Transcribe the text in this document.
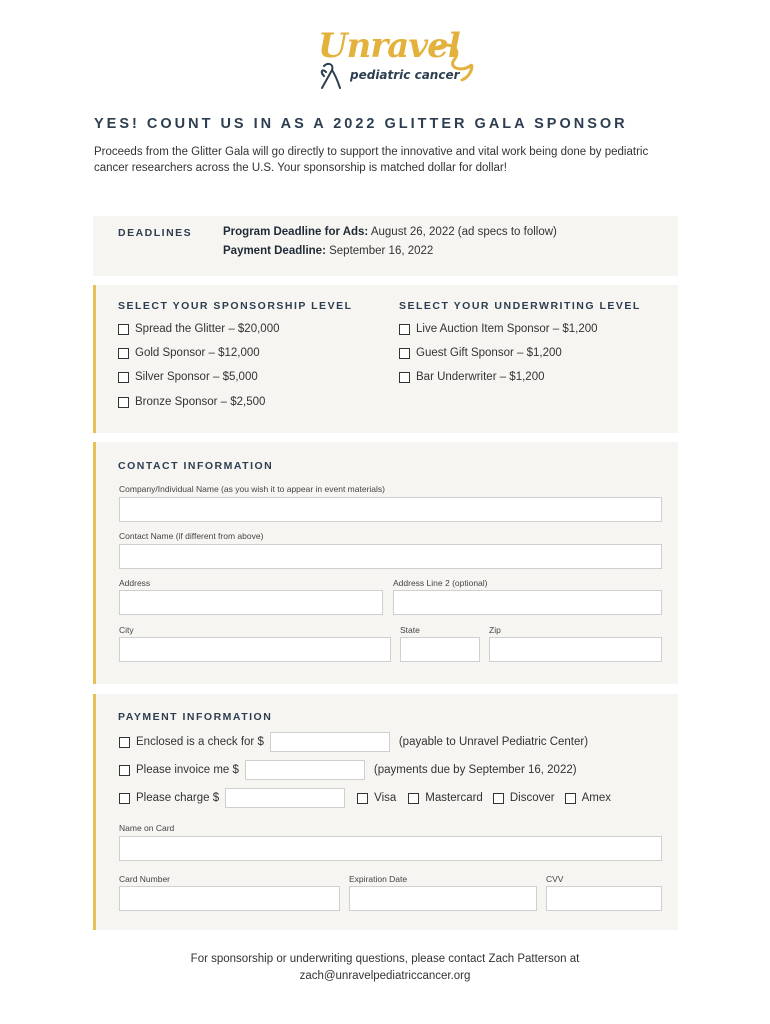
Unravel
pediatric cancer
YES! COUNT US IN AS A 2022 GLITTER GALA SPONSOR
Proceeds from the Glitter Gala will go directly to support the innovative and vital work being done by pediatric cancer researchers across the U.S. Your sponsorship is matched dollar for dollar!
DEADLINES	Program Deadline for Ads: August 26, 2022 (ad specs to follow)
Payment Deadline: September 16, 2022
SELECT YOUR SPONSORSHIP LEVEL	SELECT YOUR UNDERWRITING LEVEL
Spread the Glitter – $20,000
Gold Sponsor – $12,000
Silver Sponsor – $5,000
Bronze Sponsor – $2,500
Live Auction Item Sponsor – $1,200
Guest Gift Sponsor – $1,200
Bar Underwriter – $1,200
CONTACT INFORMATION
Company/Individual Name (as you wish it to appear in event materials)
Contact Name (if different from above)
Address	Address Line 2 (optional)
City	State	Zip
PAYMENT INFORMATION
Enclosed is a check for $	(payable to Unravel Pediatric Center)
Please invoice me $	(payments due by September 16, 2022)
Please charge $	Visa	Mastercard Discover Amex
Name on Card
Card Number	Expiration Date	CVV
For sponsorship or underwriting questions, please contact Zach Patterson at
zach@unravelpediatriccancer.org
